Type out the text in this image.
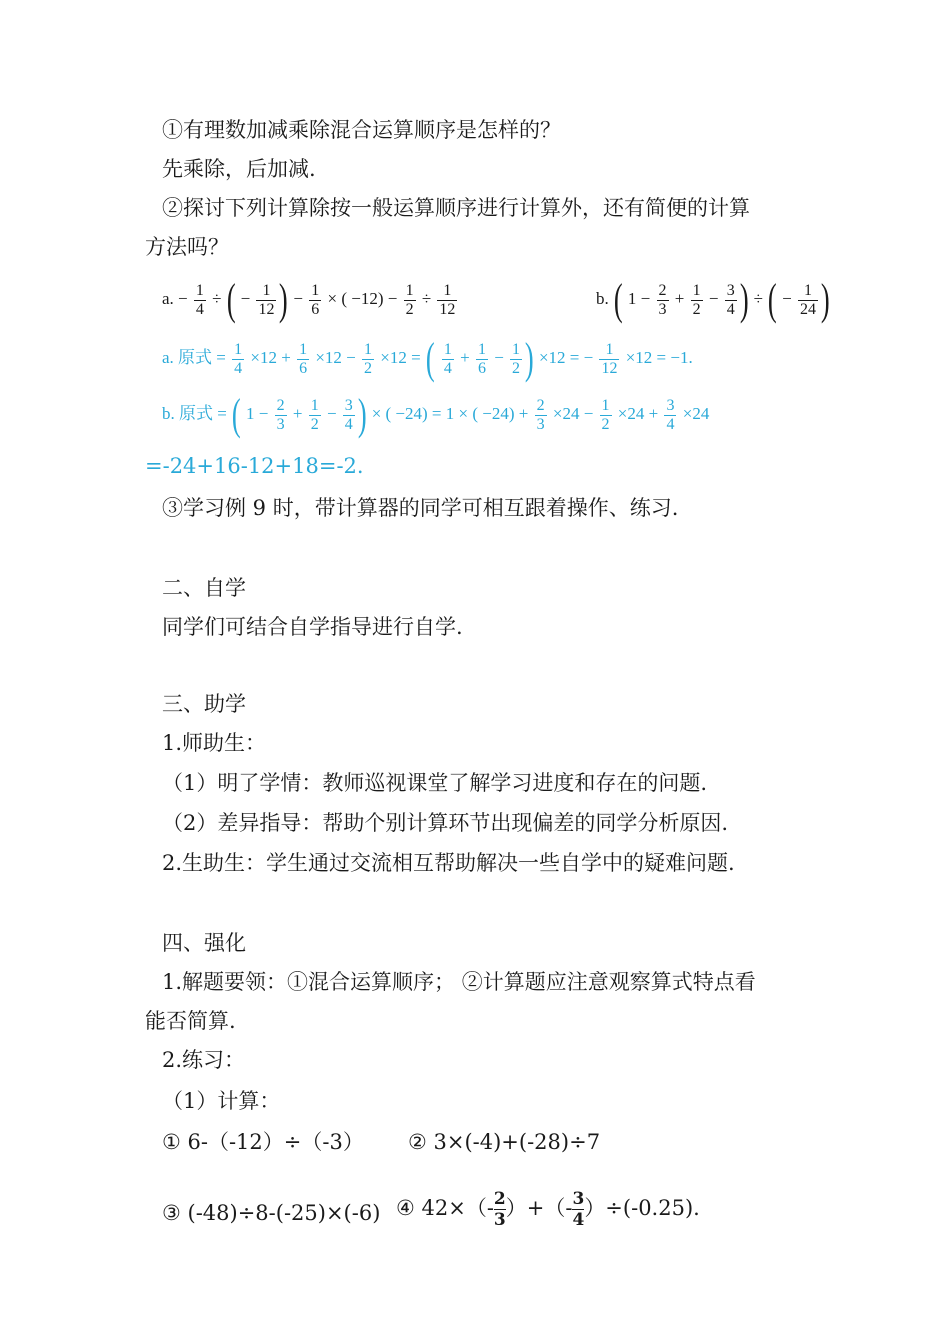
①有理数加减乘除混合运算顺序是怎样的？
先乘除，后加减.
②探讨下列计算除按一般运算顺序进行计算外，还有简便的计算
方法吗？
a. − $\frac{1}{4}$ ÷ ( − $\frac{1}{12}$ ) − $\frac{1}{6}$ × ( $-12) - \frac{1}{2} \div \frac{1}{12}$	b. ( $1 - \frac{2}{3} + \frac{1}{2} - \frac{3}{4}$ ) ÷ ( − $\frac{1}{24}$ )
a. 原式 = $\frac{1}{4} \times 12 + \frac{1}{6} \times 12 - \frac{1}{2} \times 12$ = ( $\frac{1}{4} + \frac{1}{6} - \frac{1}{2}$ ) ×12 = − $\frac{1}{12} \times 12 = -1$.
b. 原式 = ( $1 - \frac{2}{3} + \frac{1}{2} - \frac{3}{4}$ ) × ( −24) = 1 × ( $-24) + \frac{2}{3} \times 24 - \frac{1}{2} \times 24 + \frac{3}{4} \times 24$
=-24+16-12+18=-2.
③学习例 9 时，带计算器的同学可相互跟着操作、练习.
二、自学
同学们可结合自学指导进行自学.
三、助学
1.师助生：
（1）明了学情：教师巡视课堂了解学习进度和存在的问题.
（2）差异指导：帮助个别计算环节出现偏差的同学分析原因.
2.生助生：学生通过交流相互帮助解决一些自学中的疑难问题.
四、强化
1.解题要领：①混合运算顺序； ②计算题应注意观察算式特点看
能否简算.
2.练习：
（1）计算：
① 6-（-12）÷（-3） ② 3×(-4)+(-28)÷7
③ (-48)÷8-(-25)×(-6) ④ $42\times(- \frac{2}{3}$ ）+（- $\frac{3}{4} )\div(-0.25)$.
